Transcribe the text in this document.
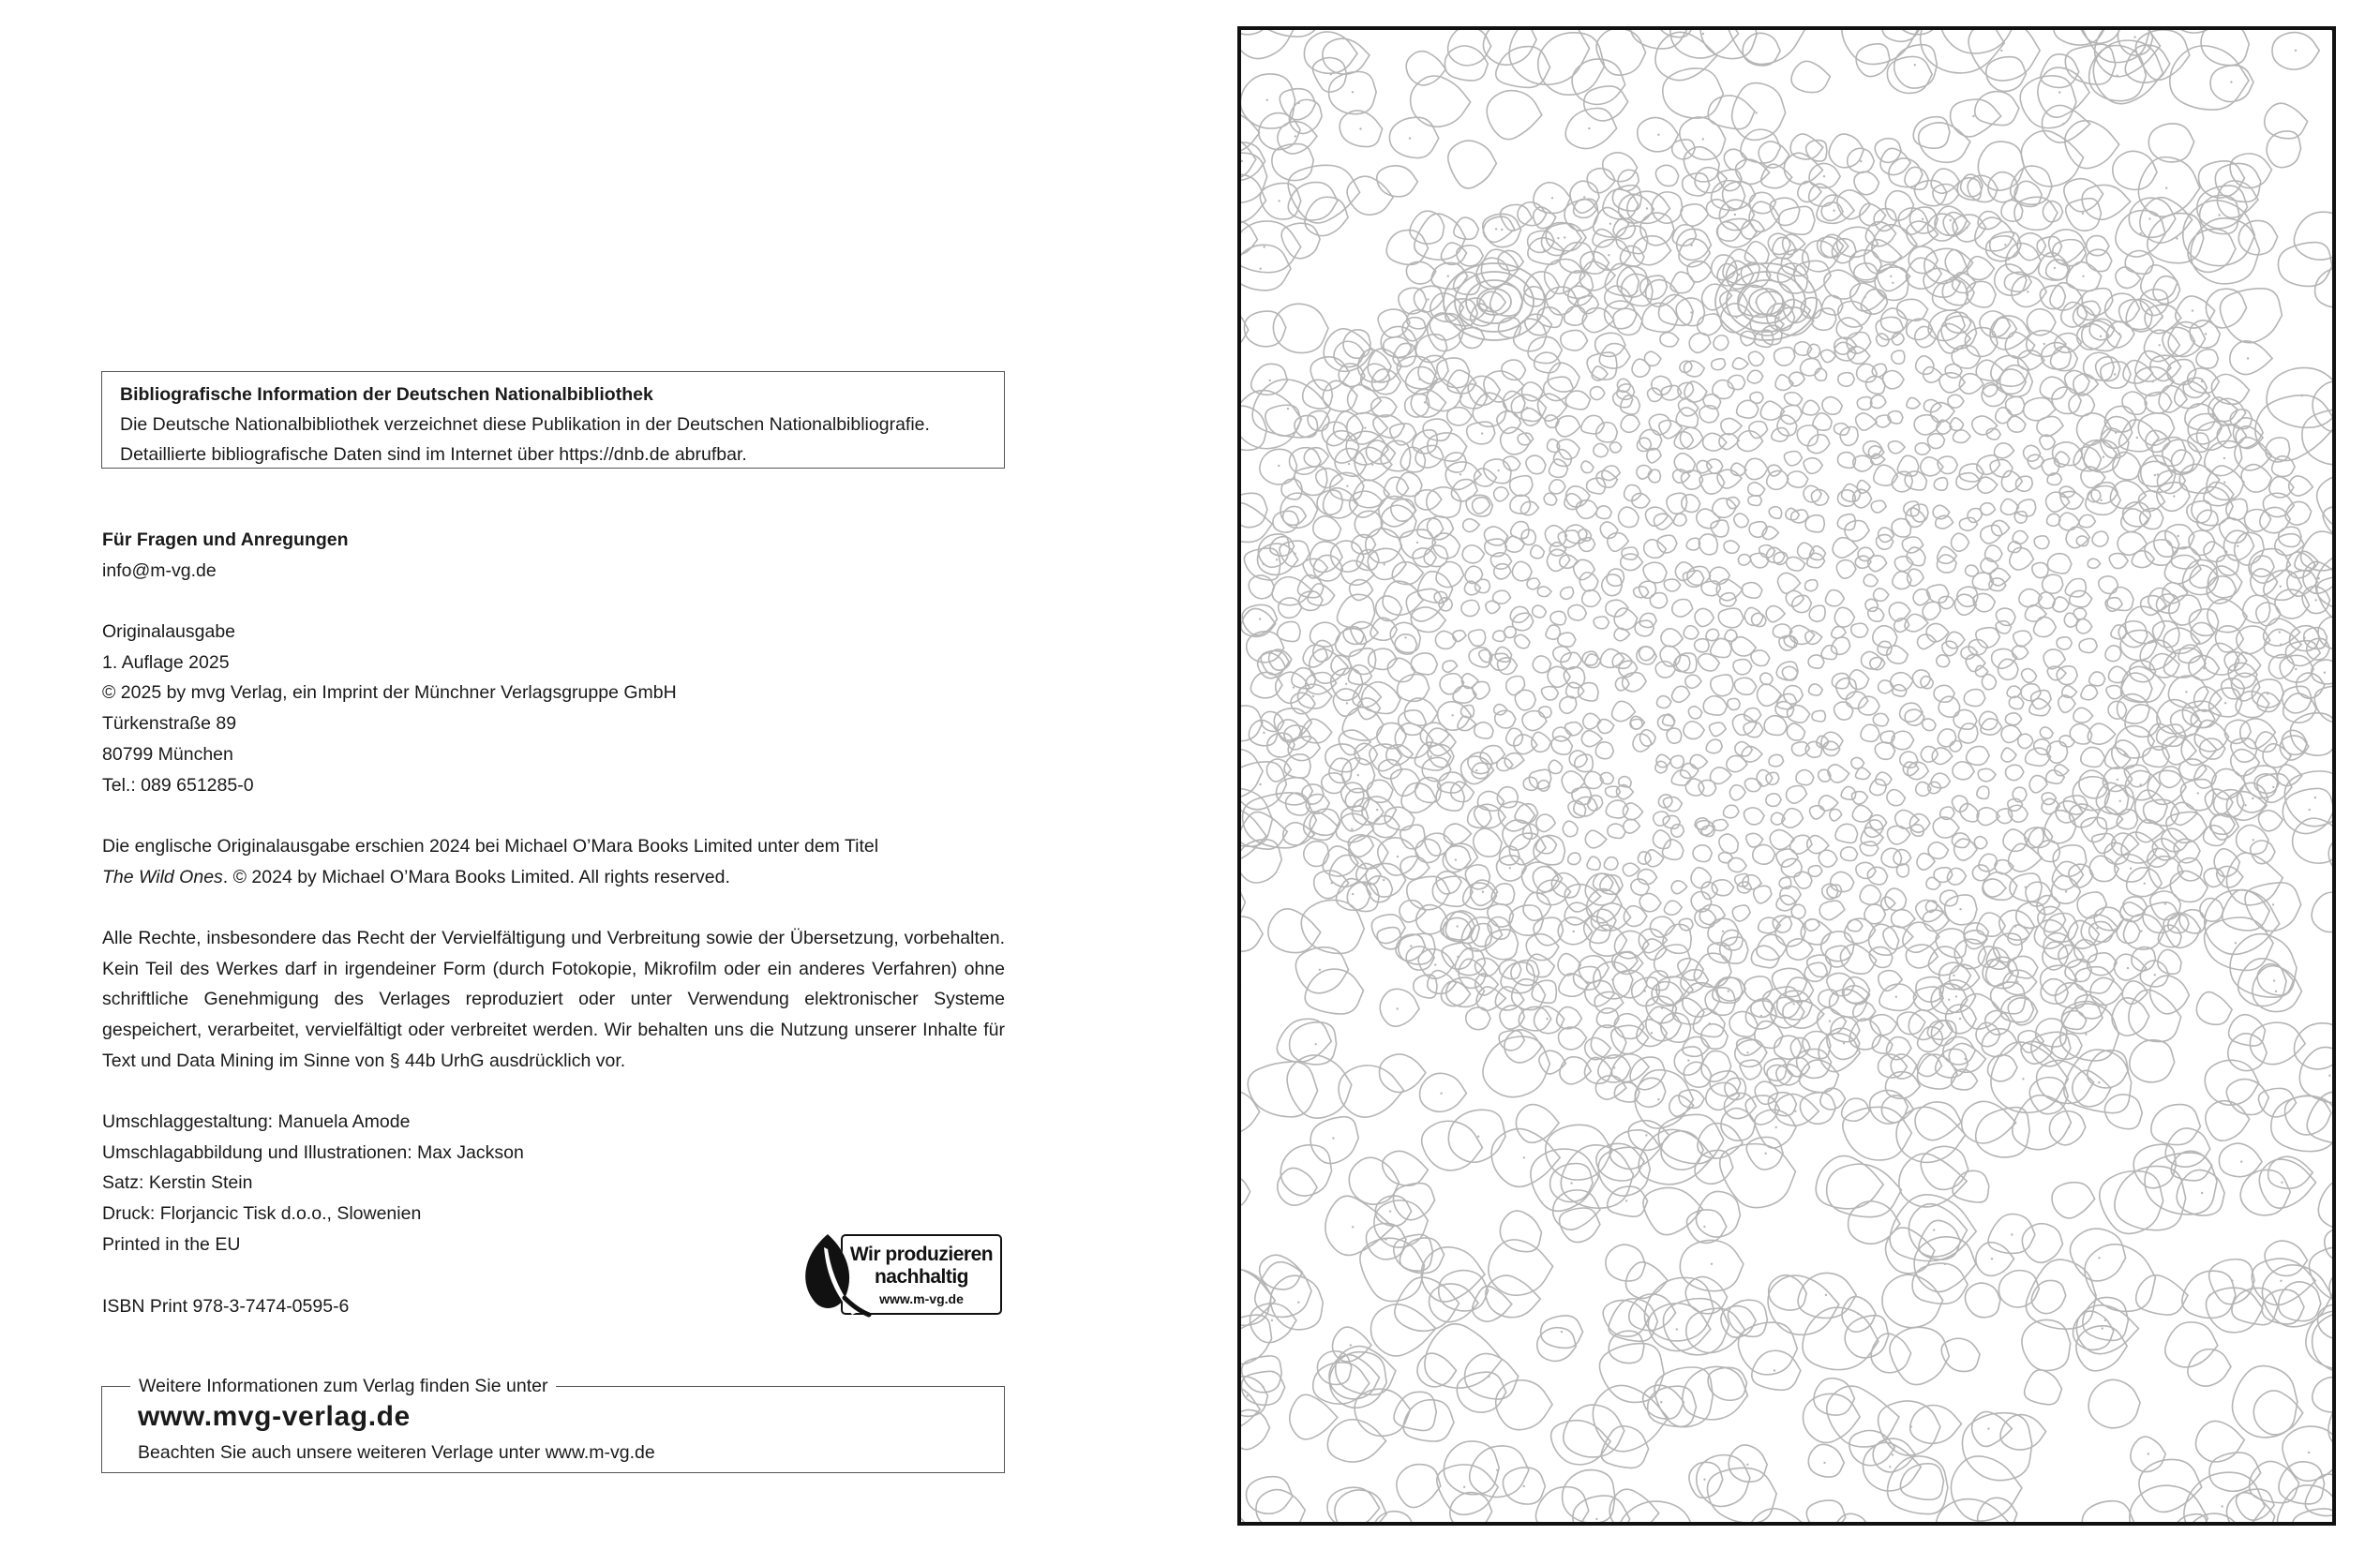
Bibliografische Information der Deutschen Nationalbibliothek
Die Deutsche Nationalbibliothek verzeichnet diese Publikation in der Deutschen Nationalbibliografie.
Detaillierte bibliografische Daten sind im Internet über https://dnb.de abrufbar.
Für Fragen und Anregungen
info@m-vg.de
Originalausgabe
1. Auflage 2025
© 2025 by mvg Verlag, ein Imprint der Münchner Verlagsgruppe GmbH
Türkenstraße 89
80799 München
Tel.: 089 651285-0
Die englische Originalausgabe erschien 2024 bei Michael O’Mara Books Limited unter dem Titel
The Wild Ones. © 2024 by Michael O’Mara Books Limited. All rights reserved.
Alle Rechte, insbesondere das Recht der Vervielfältigung und Verbreitung sowie der Übersetzung, vorbehalten. Kein Teil des Werkes darf in irgendeiner Form (durch Fotokopie, Mikrofilm oder ein anderes Verfahren) ohne schriftliche Genehmigung des Verlages reproduziert oder unter Verwendung elektronischer Systeme gespeichert, verarbeitet, vervielfältigt oder verbreitet werden. Wir behalten uns die Nutzung unserer Inhalte für Text und Data Mining im Sinne von § 44b UrhG ausdrücklich vor.
Umschlaggestaltung: Manuela Amode
Umschlagabbildung und Illustrationen: Max Jackson
Satz: Kerstin Stein
Druck: Florjancic Tisk d.o.o., Slowenien
Printed in the EU
ISBN Print 978-3-7474-0595-6
Wir produzieren
nachhaltig
www.m-vg.de
Weitere Informationen zum Verlag finden Sie unter
www.mvg-verlag.de
Beachten Sie auch unsere weiteren Verlage unter www.m-vg.de
